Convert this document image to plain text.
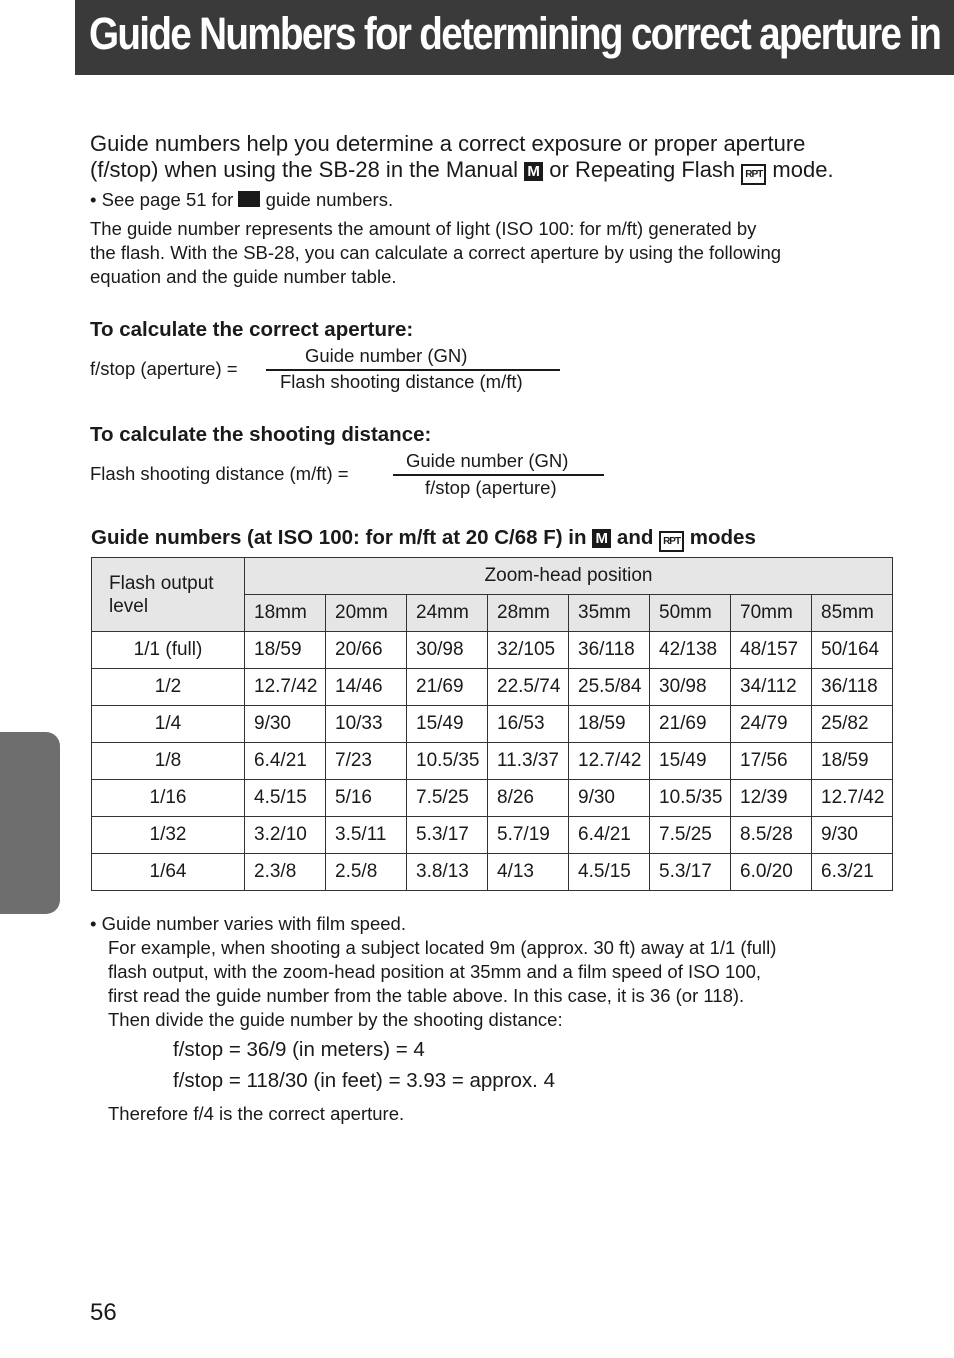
Guide Numbers for determining correct aperture in
Guide numbers help you determine a correct exposure or proper aperture
(f/stop) when using the SB-28 in the Manual M or Repeating Flash RPT mode.
• See page 51 for guide numbers.
The guide number represents the amount of light (ISO 100: for m/ft) generated by
the flash. With the SB-28, you can calculate a correct aperture by using the following
equation and the guide number table.
To calculate the correct aperture:
f/stop (aperture) =
Guide number (GN)
Flash shooting distance (m/ft)
To calculate the shooting distance:
Flash shooting distance (m/ft) =
Guide number (GN)
f/stop (aperture)
Guide numbers (at ISO 100: for m/ft at 20 C/68 F) in M and RPT modes
Flash output
level	Zoom-head position							
	18mm	20mm	24mm	28mm	35mm	50mm	70mm	85mm
1/1 (full)	18/59	20/66	30/98	32/105	36/118	42/138	48/157	50/164
1/2	12.7/42	14/46	21/69	22.5/74	25.5/84	30/98	34/112	36/118
1/4	9/30	10/33	15/49	16/53	18/59	21/69	24/79	25/82
1/8	6.4/21	7/23	10.5/35	11.3/37	12.7/42	15/49	17/56	18/59
1/16	4.5/15	5/16	7.5/25	8/26	9/30	10.5/35	12/39	12.7/42
1/32	3.2/10	3.5/11	5.3/17	5.7/19	6.4/21	7.5/25	8.5/28	9/30
1/64	2.3/8	2.5/8	3.8/13	4/13	4.5/15	5.3/17	6.0/20	6.3/21
• Guide number varies with film speed.
For example, when shooting a subject located 9m (approx. 30 ft) away at 1/1 (full)
flash output, with the zoom-head position at 35mm and a film speed of ISO 100,
first read the guide number from the table above. In this case, it is 36 (or 118).
Then divide the guide number by the shooting distance:
f/stop = 36/9 (in meters) = 4
f/stop = 118/30 (in feet) = 3.93 = approx. 4
Therefore f/4 is the correct aperture.
56
